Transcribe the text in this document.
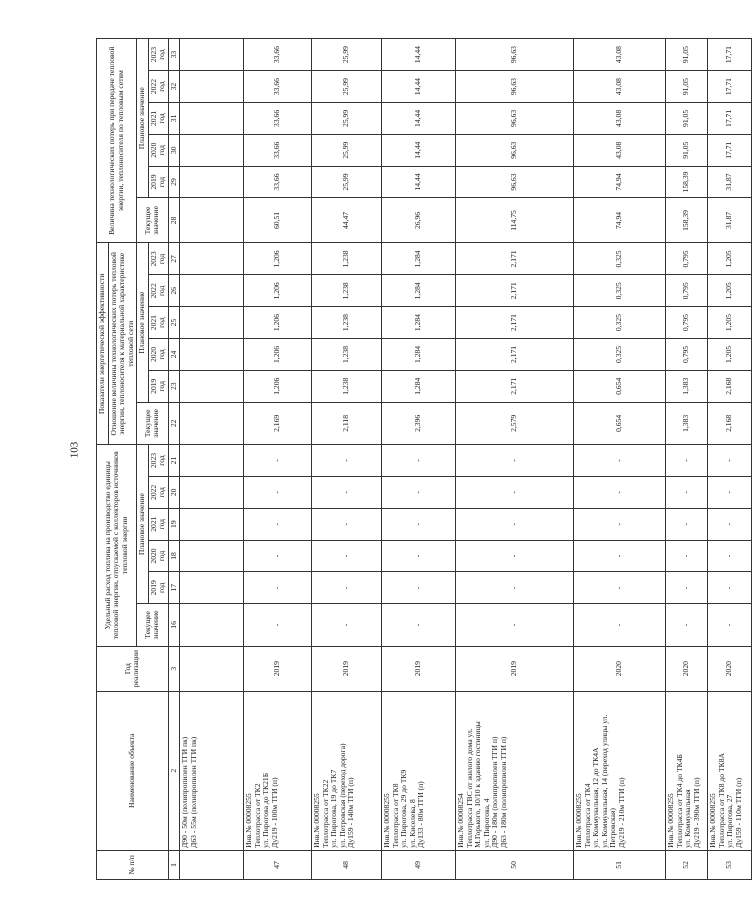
103
№ п/п	Наименование объекта	Год реализации	Удельный расход топлива на производство единицы тепловой энергии, отпускаемой с коллекторов источников тепловой энергии						Показатели энергетической эффективности						Величина технологических потерь при передаче тепловой энергии, теплоносителя по тепловым сетям					
									Отношение величины технологических потерь тепловой энергии, теплоносителя к материальной характеристике тепловой сети											
			Текущее значение	Плановое значение					Текущее значение	Плановое значение					Текущее значение	Плановое значение				
				2019 год	2020 год	2021 год	2022 год	2023 год		2019 год	2020 год	2021 год	2022 год	2023 год		2019 год	2020 год	2021 год	2022 год	2023 год
1	2	3	16	17	18	19	20	21	22	23	24	25	26	27	28	29	30	31	32	33
	Д90 - 50м (полипропилен ТГИ пк)
Д63 - 55м (полипропилен ТГИ пк)																			
47	Инв.№ 00008255
Теплотрасса от ТК2
ул. Пирогова до ТК21Б
Ду219 - 100м ТГИ (п)	2019	-	-	-	-	-	-	2,169	1,206	1,206	1,206	1,206	1,206	60,51	33,66	33,66	33,66	33,66	33,66
48	Инв.№ 00008255
Теплотрасса от ТК22
ул. Пирогова, 19 до ТК7
ул. Петровская (переход дорога)
Ду159 - 140м ТГИ (п)	2019	-	-	-	-	-	-	2,118	1,238	1,238	1,238	1,238	1,238	44,47	25,99	25,99	25,99	25,99	25,99
49	Инв.№ 00008255
Теплотрасса от ТК8
ул. Пирогова, 29 до ТК9
ул. Киселева, 8
Ду133 - 80м ТГИ (п)	2019	-	-	-	-	-	-	2,396	1,284	1,284	1,284	1,284	1,284	26,96	14,44	14,44	14,44	14,44	14,44
50	Инв.№ 00008254
Теплотрасса ГВС от жилого дома ул. М.Горького, 10/10 к зданию гостиницы
ул. Пирогова, 4
Д90 - 180м (полипропилен ТГИ п)
Д63 - 180м (полипропилен ТГИ п)	2019	-	-	-	-	-	-	2,579	2,171	2,171	2,171	2,171	2,171	114,75	96,63	96,63	96,63	96,63	96,63
51	Инв.№ 00008255
Теплотрасса от ТК4
ул. Коммунальная, 12 до ТК4А
ул. Коммунальная, 14 (переход улицы ул. Петровская)
Ду219 - 210м ТГИ (п)	2020	-	-	-	-	-	-	0,654	0,654	0,325	0,325	0,325	0,325	74,94	74,94	43,08	43,08	43,08	43,08
52	Инв.№ 00008255
Теплотрасса от ТК4 до ТК4Б
ул. Коммунальная
Ду219 - 390м ТГИ (п)	2020	-	-	-	-	-	-	1,383	1,383	0,795	0,795	0,795	0,795	158,39	158,39	91,05	91,05	91,05	91,05
53	Инв.№ 00008255
Теплотрасса от ТК8 до ТК8А
ул. Пирогова, 27
Ду159 - 110м ТГИ (п)	2020	-	-	-	-	-	-	2,168	2,168	1,205	1,205	1,205	1,205	31,87	31,87	17,71	17,71	17,71	17,71
